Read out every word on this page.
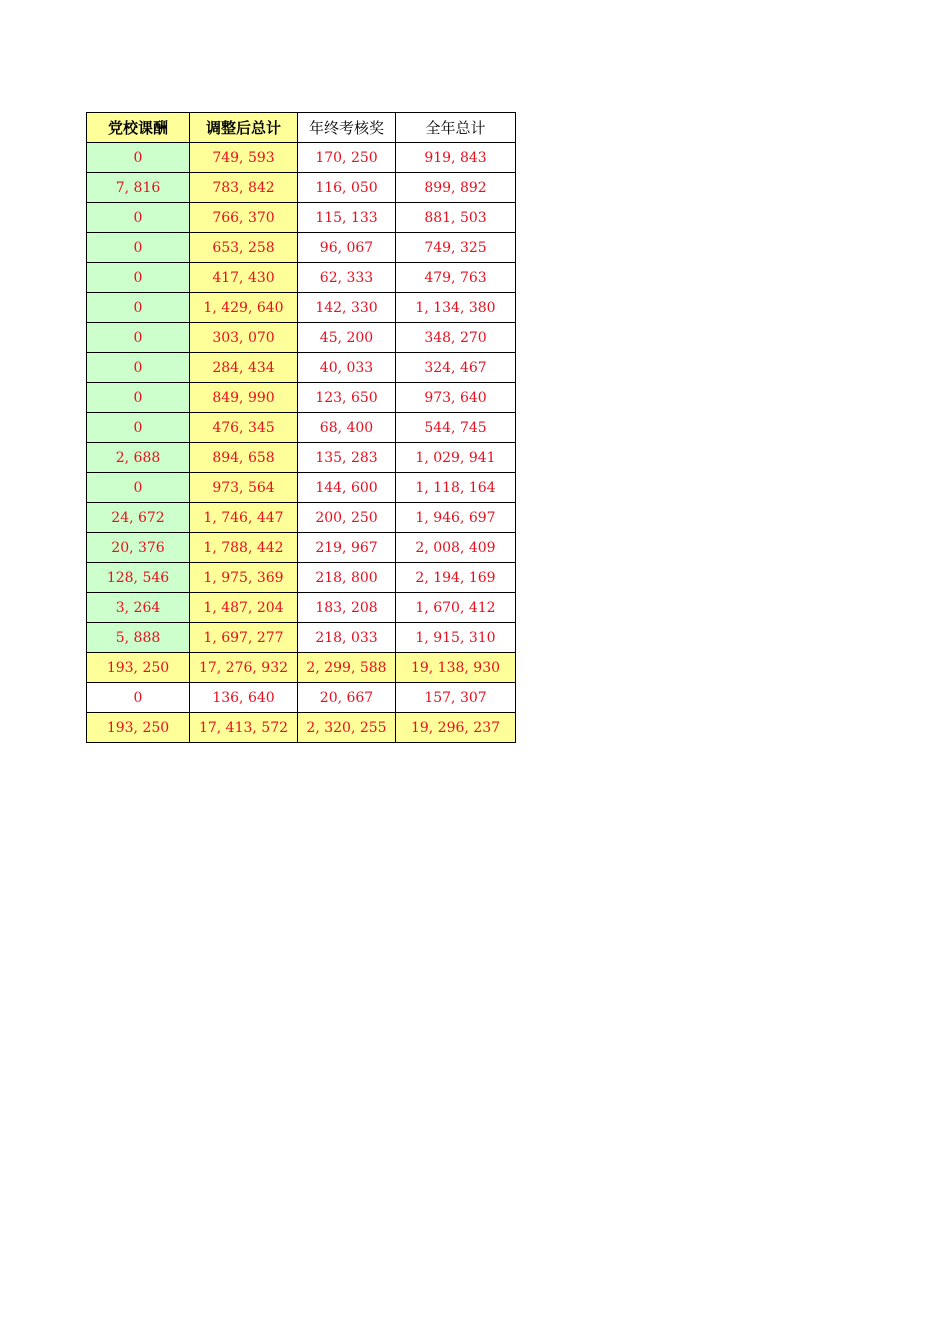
党校课酬	调整后总计	年终考核奖	全年总计
0	749, 593	170, 250	919, 843
7, 816	783, 842	116, 050	899, 892
0	766, 370	115, 133	881, 503
0	653, 258	96, 067	749, 325
0	417, 430	62, 333	479, 763
0	1, 429, 640	142, 330	1, 134, 380
0	303, 070	45, 200	348, 270
0	284, 434	40, 033	324, 467
0	849, 990	123, 650	973, 640
0	476, 345	68, 400	544, 745
2, 688	894, 658	135, 283	1, 029, 941
0	973, 564	144, 600	1, 118, 164
24, 672	1, 746, 447	200, 250	1, 946, 697
20, 376	1, 788, 442	219, 967	2, 008, 409
128, 546	1, 975, 369	218, 800	2, 194, 169
3, 264	1, 487, 204	183, 208	1, 670, 412
5, 888	1, 697, 277	218, 033	1, 915, 310
193, 250	17, 276, 932	2, 299, 588	19, 138, 930
0	136, 640	20, 667	157, 307
193, 250	17, 413, 572	2, 320, 255	19, 296, 237
